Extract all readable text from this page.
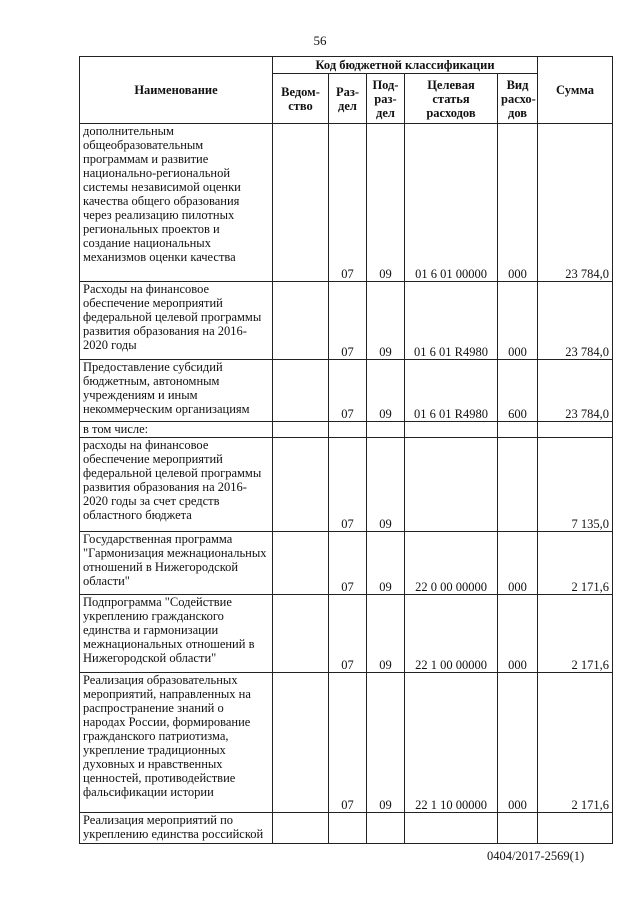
56
Наименование	Код бюджетной классификации					Сумма
	Ведом-ство	Раз-дел	Под-раз-дел	Целевая статья расходов	Вид расхо-дов	
дополнительным общеобразовательным программам и развитие национально-региональной системы независимой оценки качества общего образования через реализацию пилотных региональных проектов и создание национальных механизмов оценки качества		07	09	01 6 01 00000	000	23 784,0
Расходы на финансовое обеспечение мероприятий федеральной целевой программы развития образования на 2016-2020 годы		07	09	01 6 01 R4980	000	23 784,0
Предоставление субсидий бюджетным, автономным учреждениям и иным некоммерческим организациям		07	09	01 6 01 R4980	600	23 784,0
в том числе:						
расходы на финансовое обеспечение мероприятий федеральной целевой программы развития образования на 2016-2020 годы за счет средств областного бюджета		07	09			7 135,0
Государственная программа "Гармонизация межнациональных отношений в Нижегородской области"		07	09	22 0 00 00000	000	2 171,6
Подпрограмма "Содействие укреплению гражданского единства и гармонизации межнациональных отношений в Нижегородской области"		07	09	22 1 00 00000	000	2 171,6
Реализация образовательных мероприятий, направленных на распространение знаний о народах России, формирование гражданского патриотизма, укрепление традиционных духовных и нравственных ценностей, противодействие фальсификации истории		07	09	22 1 10 00000	000	2 171,6
Реализация мероприятий по укреплению единства российской						
0404/2017-2569(1)
